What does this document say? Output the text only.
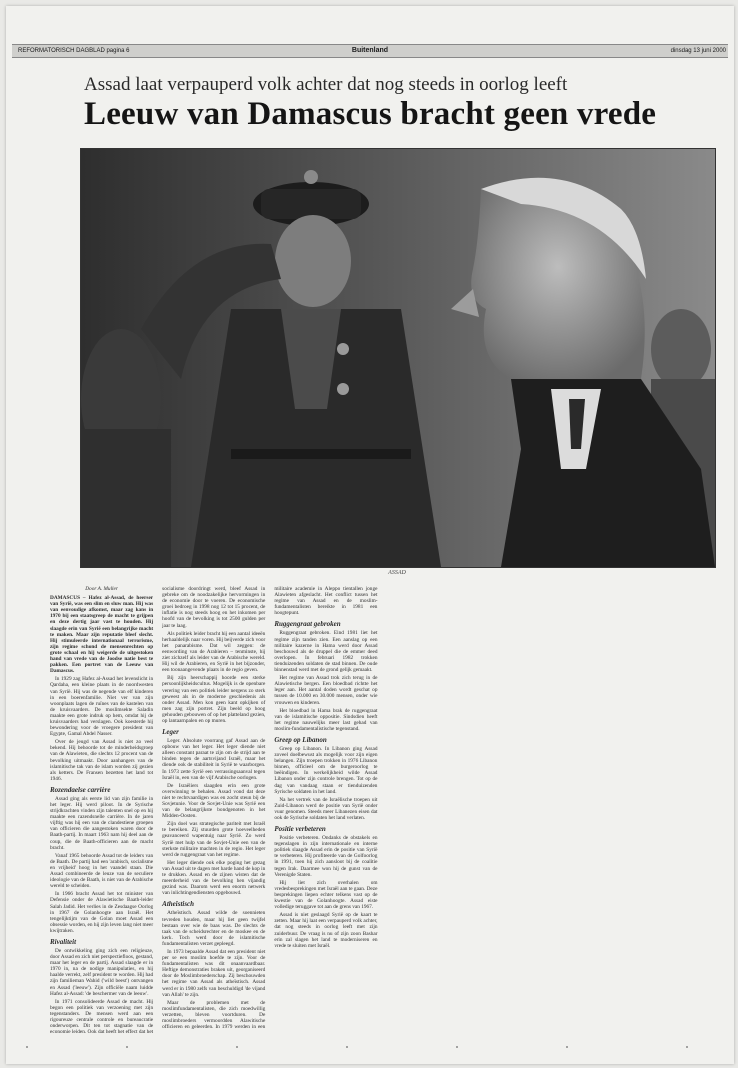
REFORMATORISCH DAGBLAD pagina 6	Buitenland	dinsdag 13 juni 2000
Assad laat verpauperd volk achter dat nog steeds in oorlog leeft
Leeuw van Damascus bracht geen vrede
ASSAD

Door A. Muller

DAMASCUS – Hafez al-Assad, de heerser van Syrië, was een slim en sluw man. Hij was van eenvoudige afkomst, maar zag kans in 1970 bij een staatsgreep de macht te grijpen en deze dertig jaar vast te houden. Hij slaagde erin van Syrië een belangrijke macht te maken. Maar zijn reputatie bleef slecht. Hij stimuleerde internationaal terrorisme, zijn regime schond de mensenrechten op grote schaal en hij weigerde de uitgestoken hand van vrede van de Joodse natie best te pakken. Een portret van de Leeuw van Damascus.

In 1929 zag Hafez al-Assad het levenslicht in Qardaha, een kleine plaats in de noordwesten van Syrië. Hij was de negende van elf kinderen in een boerenfamilie. Niet ver van zijn woonplaats lagen de ruïnes van de kastelen van de kruisvaarders. De moslimsekte Saladin maakte een grote indruk op hem, omdat hij de kruisvaarders had verslagen. Ook koesterde hij bewondering voor de vroegere president van Egypte, Gamal Abdel Nasser.

Over de jeugd van Assad is niet zo veel bekend. Hij behoorde tot de minderheidsgroep van de Alawieten, die slechts 12 procent van de bevolking uitmaakt. Door aanhangers van de islamitische tak van de islam worden zij gezien als ketters. De Fransen bezetten het land tot 1946.

Rozendaelse carrière

Assad ging als eerste lid van zijn familie in het leger. Hij werd piloot. In de Syrische strijdkrachten vinden zijn talenten snel op en hij maakte een razendsnelle carrière. In de jaren vijftig was hij een van de clandestiene groepen van officieren die aangestoken waren door de Baath-partij. In maart 1963 nam hij deel aan de coup, die de Baath-officieren aan de macht bracht.

Vanaf 1965 behoorde Assad tot de leiders van de Baath. De partij had een 'arabisch, socialisme en vrijheid' hoog in het vaandel staan. Die Assad combineerde de leuze van de seculiere ideologie van de Baath, is niet van de Arabische wereld te scheiden.

In 1966 bracht Assad het tot minister van Defensie onder de Alawietische Baath-leider Salah Jadid. Het verlies in de Zesdaagse Oorlog in 1967 de Golanhoogte aan Israël. Het tengelijktijm van de Golan moet Assad een obsessie worden, en hij zijn leven lang niet meer kwijtraken.

Rivaliteit

De ontwikkeling ging zich een religieuze, door Assad en zich niet perspectiefloos, gestand, maar het leger en de partij. Assad slaagde er in 1970 in, na de nodige manipulaties, en hij haalde verrekt, zelf president te worden. Hij had zijn familieman Wahid ('wild beest') ontvangen en Assad ('leeuw'). Zijn officiële naam luidde Hafez al-Assad: 'de beschermer van de leeuw'.

In 1971 consolideerde Assad de macht. Hij begon een politiek van verzoening met zijn tegenstanders. De mensen werd aan een rigoureuze centrale controle en bureaucratie onderworpen. Dit ten tot stagnatie van de economie leiden. Ook dat heeft het effect dat het socialisme doordringt werd, bleef Assad in gebreke om de noodzakelijke hervormingen in de economie door te voeren. De economische groei bedroeg in 1998 nog 12 tot 15 procent, de inflatie is nog steeds hoog en het inkomen per hoofd van de bevolking is tot 2500 gulden per jaar te laag.

Als politiek leider bracht hij een aantal ideeën herhaaldelijk naar voren. Hij beijverde zich voor het panarabisme. Dat wil zeggen: de eenwording van de Arabieren – tenminste, hij ziet zichzelf als leider van de Arabische wereld. Hij wil de Arabieren, en Syrië in het bijzonder, een toonaangevende plaats in de regio geven.

Bij zijn heerschappij hoorde een sterke persoonlijkheidscultus. Mogelijk is de openbare verering van een politiek leider nergens zo sterk geweest als in de moderne geschiedenis als onder Assad. Men kon geen kant opkijken of men zag zijn portret. Zijn beeld op hoog gehouden gebouwen of op het platteland gezien, op lantaarnpalen en op muren.

Leger

Leger. Absolute voorrang gaf Assad aan de opbouw van het leger. Het leger diende niet alleen constant paraat te zijn om de strijd aan te binden tegen de aartsvijand Israël, maar het diende ook de stabiliteit in Syrië te waarborgen. In 1973 zette Syrië een verrassingsaanval tegen Israël in, een van de vijf Arabische oorlogen.

De Israëliers slaagden erin een grote overwinning te behalen. Assad vond dat deze niet te rechtvaardigen was en zocht steun bij de Sovjetunie. Voor de Sovjet-Unie was Syrië een van de belangrijkste bondgenoten in het Midden-Oosten.

Zijn doel was strategische pariteit met Israël te bereiken. Zij stuurden grote hoeveelheden geavanceerd wapentuig naar Syrië. Zo werd Syrië met hulp van de Sovjet-Unie een van de sterkste militaire machten in de regio. Het leger werd de ruggengraat van het regime.

Het leger diende ook elke poging het gezag van Assad uit te dagen met harde hand de kop in te drukken. Assad en de zijnen wisten dat de meerderheid van de bevolking hen vijandig gezind was. Daarom werd een enorm netwerk van inlichtingendiensten opgebouwd.

Atheïstisch

Atheïstisch. Assad wilde de soennieten tevreden houden, maar hij liet geen twijfel bestaan over wie de baas was. De slechts de taak van de scheidsrechter en de moskee en de kerk. Toch werd door de islamitische fundamentalisten verzet gepleegd.

In 1973 bepaalde Assad dat een president niet per se een moslim hoefde te zijn. Voor de fundamentalisten was dit onaanvaardbaar. Heftige demonstraties braken uit, georganiseerd door de Moslimbroederschap. Zij beschouwden het regime van Assad als atheïstisch. Assad werd er in 1980 zelfs van beschuldigd 'de vijand van Allah' te zijn.

Maar de problemen met de moslimfundamentalisten, die zich moedwillig verzetten, bleven voortduren. De moslimbroeders vermoordden Alawitische officieren en geleerden. In 1979 werden in een militaire academie in Aleppo tientallen jonge Alawieten afgeslacht. Het conflict tussen het regime van Assad en de moslim-fundamentalisten bereikte in 1981 een hoogtepunt.

Ruggengraat gebroken

Ruggengraat gebroken. Eind 1981 liet het regime zijn tanden zien. Een aanslag op een militaire kazerne in Hama werd door Assad beschouwd als de druppel die de emmer deed overlopen. In februari 1982 trokken tienduizenden soldaten de stad binnen. De oude binnenstad werd met de grond gelijk gemaakt.

Het regime van Assad trok zich terug in de Alawietische bergen. Een bloedbad richtte het leger aan. Het aantal doden wordt geschat op tussen de 10.000 en 30.000 mensen, onder wie vrouwen en kinderen.

Het bloedbad in Hama brak de ruggengraat van de islamitische oppositie. Sindsdien heeft het regime nauwelijks meer last gehad van moslim-fundamentalistische tegenstand.

Greep op Libanon

Greep op Libanon. In Libanon ging Assad zoveel doelbewust als mogelijk voor zijn eigen belangen. Zijn troepen trokken in 1976 Libanon binnen, officieel om de burgeroorlog te beëindigen. In werkelijkheid wilde Assad Libanon onder zijn controle brengen. Tot op de dag van vandaag staan er tienduizenden Syrische soldaten in het land.

Na het vertrek van de Israëlische troepen uit Zuid-Libanon werd de positie van Syrië onder vuur genomen. Steeds meer Libanezen eisen dat ook de Syrische soldaten het land verlaten.

Positie verbeteren

Positie verbeteren. Ondanks de obstakels en tegenslagen in zijn internationale en interne politiek slaagde Assad erin de positie van Syrië te verbeteren. Hij profiteerde van de Golfoorlog in 1991, toen hij zich aansloot bij de coalitie tegen Irak. Daarmee won hij de gunst van de Verenigde Staten.

Hij liet zich overhalen om vredesbesprekingen met Israël aan te gaan. Deze besprekingen liepen echter telkens vast op de kwestie van de Golanhoogte. Assad eiste volledige teruggave tot aan de grens van 1967.

Assad is niet geslaagd Syrië op de kaart te zetten. Maar hij laat een verpauperd volk achter, dat nog steeds in oorlog leeft met zijn zuiderbuur. De vraag is nu of zijn zoon Bashar erin zal slagen het land te moderniseren en vrede te sluiten met Israël.
